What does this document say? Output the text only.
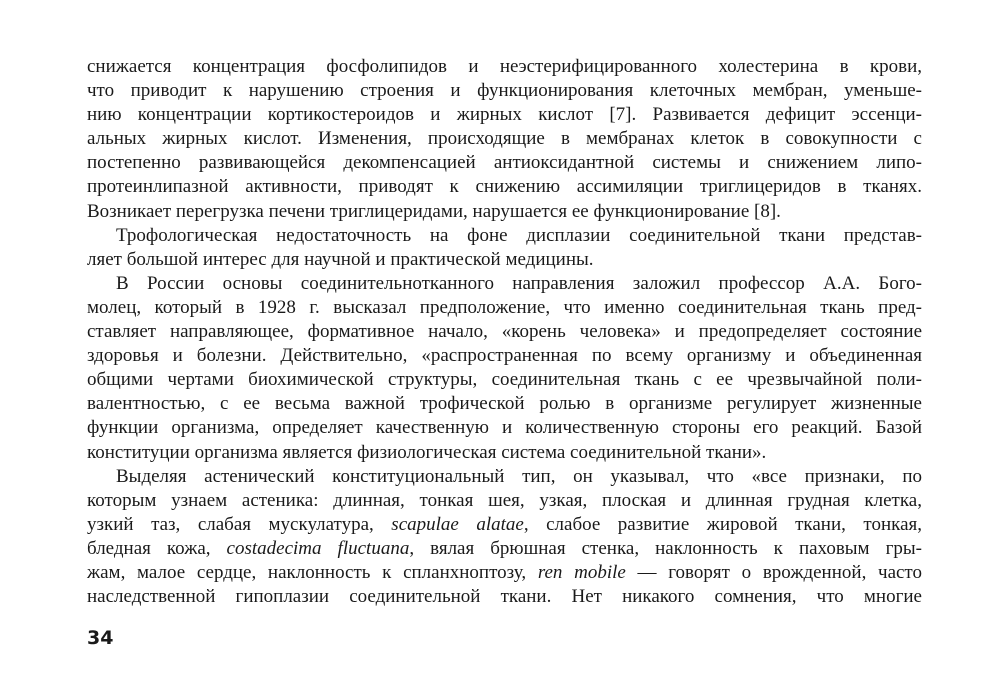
снижается концентрация фосфолипидов и неэстерифицированного холестерина в крови,
что приводит к нарушению строения и функционирования клеточных мембран, уменьше-
нию концентрации кортикостероидов и жирных кислот [7]. Развивается дефицит эссенци-
альных жирных кислот. Изменения, происходящие в мембранах клеток в совокупности с
постепенно развивающейся декомпенсацией антиоксидантной системы и снижением липо-
протеинлипазной активности, приводят к снижению ассимиляции триглицеридов в тканях.
Возникает перегрузка печени триглицеридами, нарушается ее функционирование [8].
Трофологическая недостаточность на фоне дисплазии соединительной ткани представ-
ляет большой интерес для научной и практической медицины.
В России основы соединительнотканного направления заложил профессор А.А. Бого-
молец, который в 1928 г. высказал предположение, что именно соединительная ткань пред-
ставляет направляющее, формативное начало, «корень человека» и предопределяет состояние
здоровья и болезни. Действительно, «распространенная по всему организму и объединенная
общими чертами биохимической структуры, соединительная ткань с ее чрезвычайной поли-
валентностью, с ее весьма важной трофической ролью в организме регулирует жизненные
функции организма, определяет качественную и количественную стороны его реакций. Базой
конституции организма является физиологическая система соединительной ткани».
Выделяя астенический конституциональный тип, он указывал, что «все признаки, по
которым узнаем астеника: длинная, тонкая шея, узкая, плоская и длинная грудная клетка,
узкий таз, слабая мускулатура, scapulae alatae, слабое развитие жировой ткани, тонкая,
бледная кожа, costadecima fluctuana, вялая брюшная стенка, наклонность к паховым гры-
жам, малое сердце, наклонность к спланхноптозу, ren mobile — говорят о врожденной, часто
наследственной гипоплазии соединительной ткани. Нет никакого сомнения, что многие
34
